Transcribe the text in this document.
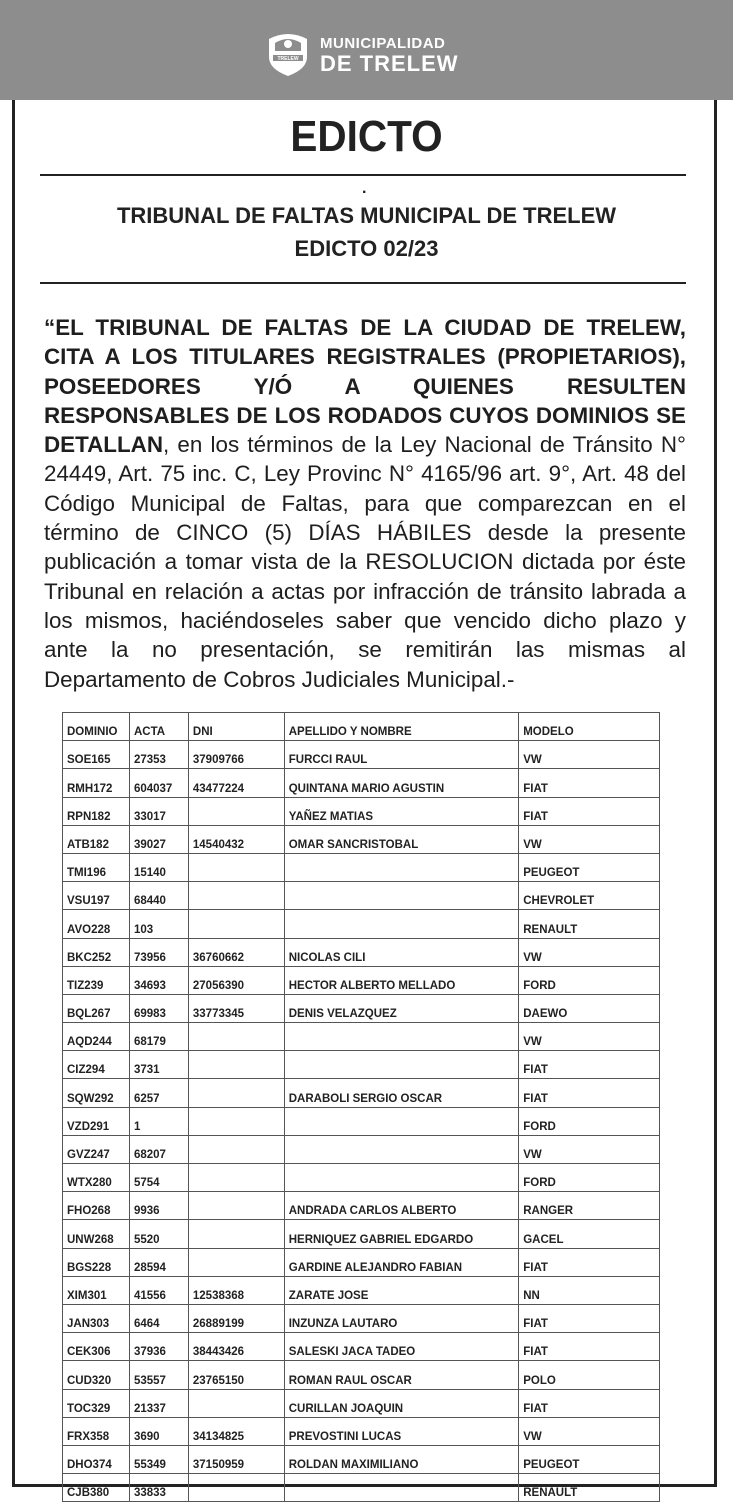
TRELEW
MUNICIPALIDAD
DE TRELEW
EDICTO
.
TRIBUNAL DE FALTAS MUNICIPAL DE TRELEW
EDICTO 02/23
“EL TRIBUNAL DE FALTAS DE LA CIUDAD DE TRELEW, CITA A LOS TITULARES REGISTRALES (PROPIETARIOS), POSEEDORES Y/Ó A QUIENES RESULTEN RESPONSABLES DE LOS RODADOS CUYOS DOMINIOS SE DETALLAN, en los términos de la Ley Nacional de Tránsito N° 24449, Art. 75 inc. C, Ley Provinc N° 4165/96 art. 9°, Art. 48 del Código Municipal de Faltas, para que comparezcan en el término de CINCO (5) DÍAS HÁBILES desde la presente publicación a tomar vista de la RESOLUCION dictada por éste Tribunal en relación a actas por infracción de tránsito labrada a los mismos, haciéndoseles saber que vencido dicho plazo y ante la no presentación, se remitirán las mismas al Departamento de Cobros Judiciales Municipal.-
DOMINIO	ACTA	DNI	APELLIDO Y NOMBRE	MODELO
SOE165	27353	37909766	FURCCI RAUL	VW
RMH172	604037	43477224	QUINTANA MARIO AGUSTIN	FIAT
RPN182	33017		YAÑEZ MATIAS	FIAT
ATB182	39027	14540432	OMAR SANCRISTOBAL	VW
TMI196	15140			PEUGEOT
VSU197	68440			CHEVROLET
AVO228	103			RENAULT
BKC252	73956	36760662	NICOLAS CILI	VW
TIZ239	34693	27056390	HECTOR ALBERTO MELLADO	FORD
BQL267	69983	33773345	DENIS VELAZQUEZ	DAEWO
AQD244	68179			VW
CIZ294	3731			FIAT
SQW292	6257		DARABOLI SERGIO OSCAR	FIAT
VZD291	1			FORD
GVZ247	68207			VW
WTX280	5754			FORD
FHO268	9936		ANDRADA CARLOS ALBERTO	RANGER
UNW268	5520		HERNIQUEZ GABRIEL EDGARDO	GACEL
BGS228	28594		GARDINE ALEJANDRO FABIAN	FIAT
XIM301	41556	12538368	ZARATE JOSE	NN
JAN303	6464	26889199	INZUNZA LAUTARO	FIAT
CEK306	37936	38443426	SALESKI JACA TADEO	FIAT
CUD320	53557	23765150	ROMAN RAUL OSCAR	POLO
TOC329	21337		CURILLAN JOAQUIN	FIAT
FRX358	3690	34134825	PREVOSTINI LUCAS	VW
DHO374	55349	37150959	ROLDAN MAXIMILIANO	PEUGEOT
CJB380	33833			RENAULT
